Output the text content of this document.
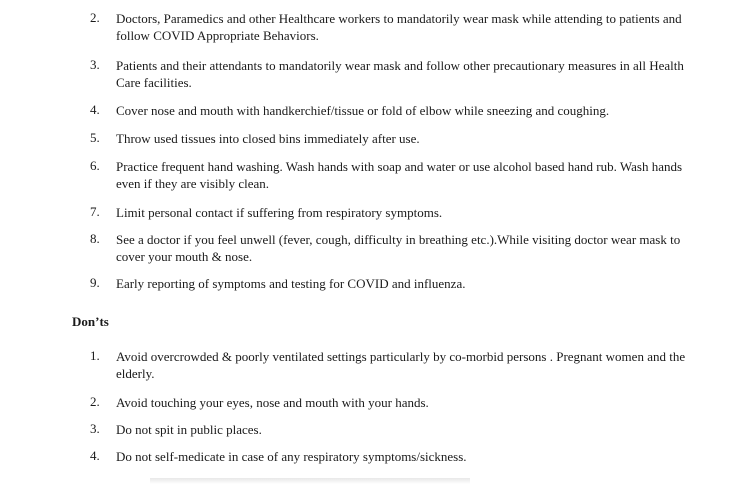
2.	Doctors, Paramedics and other Healthcare workers to mandatorily wear mask while attending to patients and follow COVID Appropriate Behaviors.
3.	Patients and their attendants to mandatorily wear mask and follow other precautionary measures in all Health Care facilities.
4.	Cover nose and mouth with handkerchief/tissue or fold of elbow while sneezing and coughing.
5.	Throw used tissues into closed bins immediately after use.
6.	Practice frequent hand washing. Wash hands with soap and water or use alcohol based hand rub. Wash hands even if they are visibly clean.
7.	Limit personal contact if suffering from respiratory symptoms.
8.	See a doctor if you feel unwell (fever, cough, difficulty in breathing etc.).While visiting doctor wear mask to cover your mouth & nose.
9.	Early reporting of symptoms and testing for COVID and influenza.
Don’ts
1.	Avoid overcrowded & poorly ventilated settings particularly by co-morbid persons . Pregnant women and the elderly.
2.	Avoid touching your eyes, nose and mouth with your hands.
3.	Do not spit in public places.
4.	Do not self-medicate in case of any respiratory symptoms/sickness.
